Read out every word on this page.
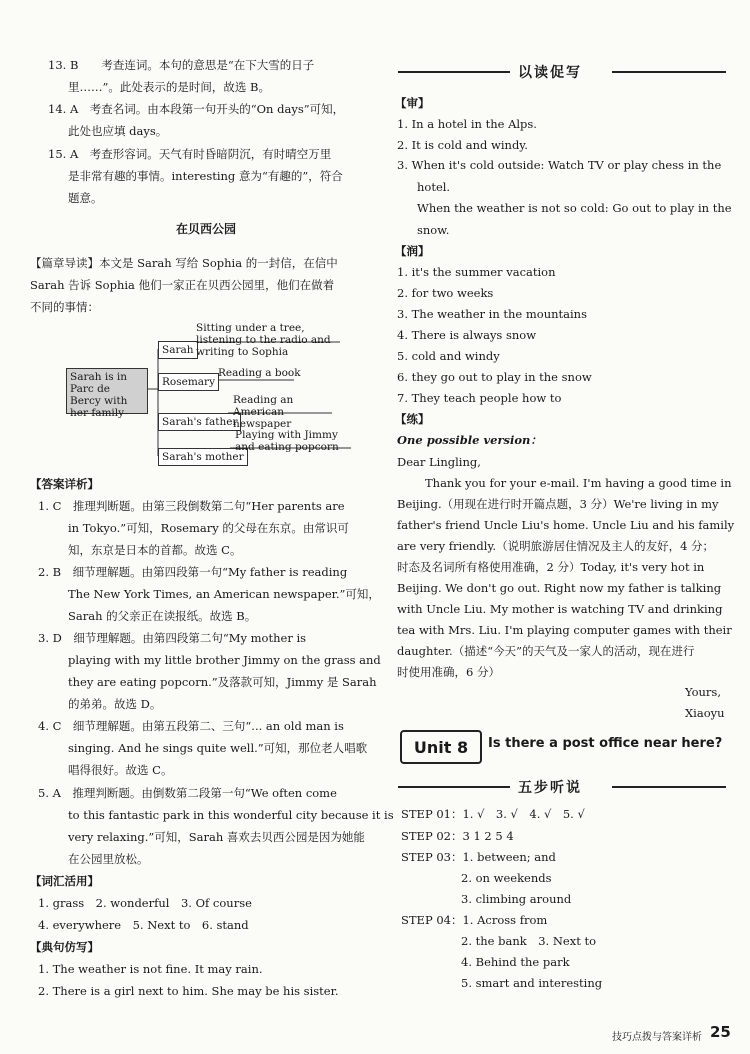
13. B　　考查连词。本句的意思是“在下大雪的日子
里……”。此处表示的是时间，故选 B。
14. A　考查名词。由本段第一句开头的“On days”可知，
此处也应填 days。
15. A　考查形容词。天气有时昏暗阴沉，有时晴空万里
是非常有趣的事情。interesting 意为“有趣的”，符合
题意。
在贝西公园
【篇章导读】本文是 Sarah 写给 Sophia 的一封信，在信中
Sarah 告诉 Sophia 他们一家正在贝西公园里，他们在做着
不同的事情：
【答案详析】
1. C　推理判断题。由第三段倒数第二句“Her parents are
in Tokyo.”可知，Rosemary 的父母在东京。由常识可
知，东京是日本的首都。故选 C。
2. B　细节理解题。由第四段第一句“My father is reading
The New York Times, an American newspaper.”可知，
Sarah 的父亲正在读报纸。故选 B。
3. D　细节理解题。由第四段第二句“My mother is
playing with my little brother Jimmy on the grass and
they are eating popcorn.”及落款可知，Jimmy 是 Sarah
的弟弟。故选 D。
4. C　细节理解题。由第五段第二、三句“... an old man is
singing. And he sings quite well.”可知，那位老人唱歌
唱得很好。故选 C。
5. A　推理判断题。由倒数第二段第一句“We often come
to this fantastic park in this wonderful city because it is
very relaxing.”可知，Sarah 喜欢去贝西公园是因为她能
在公园里放松。
【词汇活用】
1. grass　2. wonderful　3. Of course
4. everywhere　5. Next to　6. stand
【典句仿写】
1. The weather is not fine. It may rain.
2. There is a girl next to him. She may be his sister.
Sarah is in Parc de Bercy with her family
Sarah
Rosemary
Sarah's father
Sarah's mother
Sitting under a tree, listening to the radio and writing to Sophia
Reading a book
Reading an American newspaper
Playing with Jimmy and eating popcorn
以读促写
【审】
1. In a hotel in the Alps.
2. It is cold and windy.
3. When it's cold outside: Watch TV or play chess in the
hotel.
When the weather is not so cold: Go out to play in the
snow.
【润】
1. it's the summer vacation
2. for two weeks
3. The weather in the mountains
4. There is always snow
5. cold and windy
6. they go out to play in the snow
7. They teach people how to
【练】
One possible version：
Dear Lingling,
Thank you for your e-mail. I'm having a good time in
Beijing.（用现在进行时开篇点题，3 分）We're living in my
father's friend Uncle Liu's home. Uncle Liu and his family
are very friendly.（说明旅游居住情况及主人的友好，4 分；
时态及名词所有格使用准确，2 分）Today, it's very hot in
Beijing. We don't go out. Right now my father is talking
with Uncle Liu. My mother is watching TV and drinking
tea with Mrs. Liu. I'm playing computer games with their
daughter.（描述“今天”的天气及一家人的活动，现在进行
时使用准确，6 分）
Yours,
Xiaoyu
Unit 8	Is there a post office near here?
五步听说
STEP 01：1. √　3. √　4. √　5. √
STEP 02：3 1 2 5 4
STEP 03：1. between; and
2. on weekends
3. climbing around
STEP 04：1. Across from
2. the bank　3. Next to
4. Behind the park
5. smart and interesting
技巧点拨与答案详析 25
